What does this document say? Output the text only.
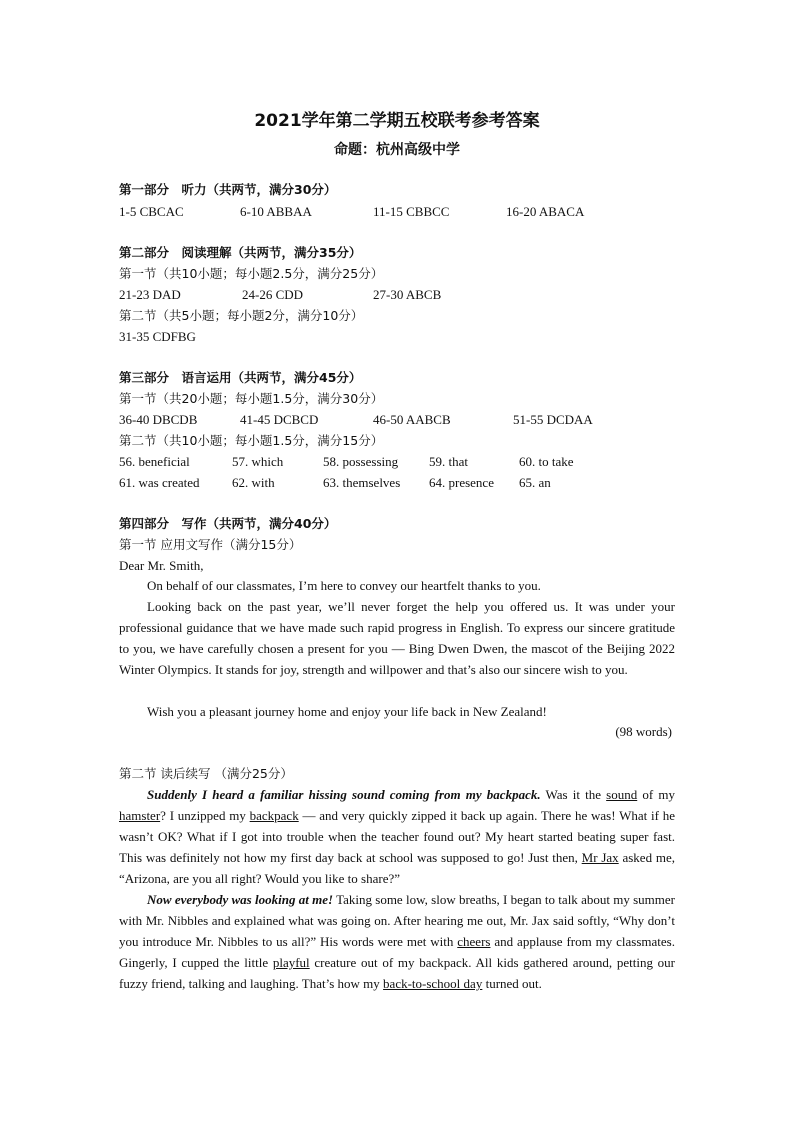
2021学年第二学期五校联考参考答案
命题：杭州高级中学
第一部分　听力（共两节，满分30分）
1-5 CBCAC	6-10 ABBAA	11-15 CBBCC	16-20 ABACA
第二部分　阅读理解（共两节，满分35分）
第一节（共10小题；每小题2.5分，满分25分）
21-23 DAD	24-26 CDD	27-30 ABCB
第二节（共5小题；每小题2分，满分10分）
31-35 CDFBG
第三部分　语言运用（共两节，满分45分）
第一节（共20小题；每小题1.5分，满分30分）
36-40 DBCDB	41-45 DCBCD	46-50 AABCB	51-55 DCDAA
第二节（共10小题；每小题1.5分，满分15分）
56. beneficial	57. which	58. possessing 59. that	60. to take
61. was created	62. with	63. themselves 64. presence 65. an
第四部分　写作（共两节，满分40分）
第一节 应用文写作（满分15分）
Dear Mr. Smith,

On behalf of our classmates, I’m here to convey our heartfelt thanks to you.

Looking back on the past year, we’ll never forget the help you offered us. It was under your professional guidance that we have made such rapid progress in English. To express our sincere gratitude to you, we have carefully chosen a present for you — Bing Dwen Dwen, the mascot of the Beijing 2022 Winter Olympics. It stands for joy, strength and willpower and that’s also our sincere wish to you.

Wish you a pleasant journey home and enjoy your life back in New Zealand!

(98 words)
第二节 读后续写 （满分25分）

Suddenly I heard a familiar hissing sound coming from my backpack. Was it the sound of my hamster? I unzipped my backpack — and very quickly zipped it back up again. There he was! What if he wasn’t OK? What if I got into trouble when the teacher found out? My heart started beating super fast. This was definitely not how my first day back at school was supposed to go! Just then, Mr Jax asked me, “Arizona, are you all right? Would you like to share?”

Now everybody was looking at me! Taking some low, slow breaths, I began to talk about my summer with Mr. Nibbles and explained what was going on. After hearing me out, Mr. Jax said softly, “Why don’t you introduce Mr. Nibbles to us all?” His words were met with cheers and applause from my classmates. Gingerly, I cupped the little playful creature out of my backpack. All kids gathered around, petting our fuzzy friend, talking and laughing. That’s how my back-to-school day turned out.
